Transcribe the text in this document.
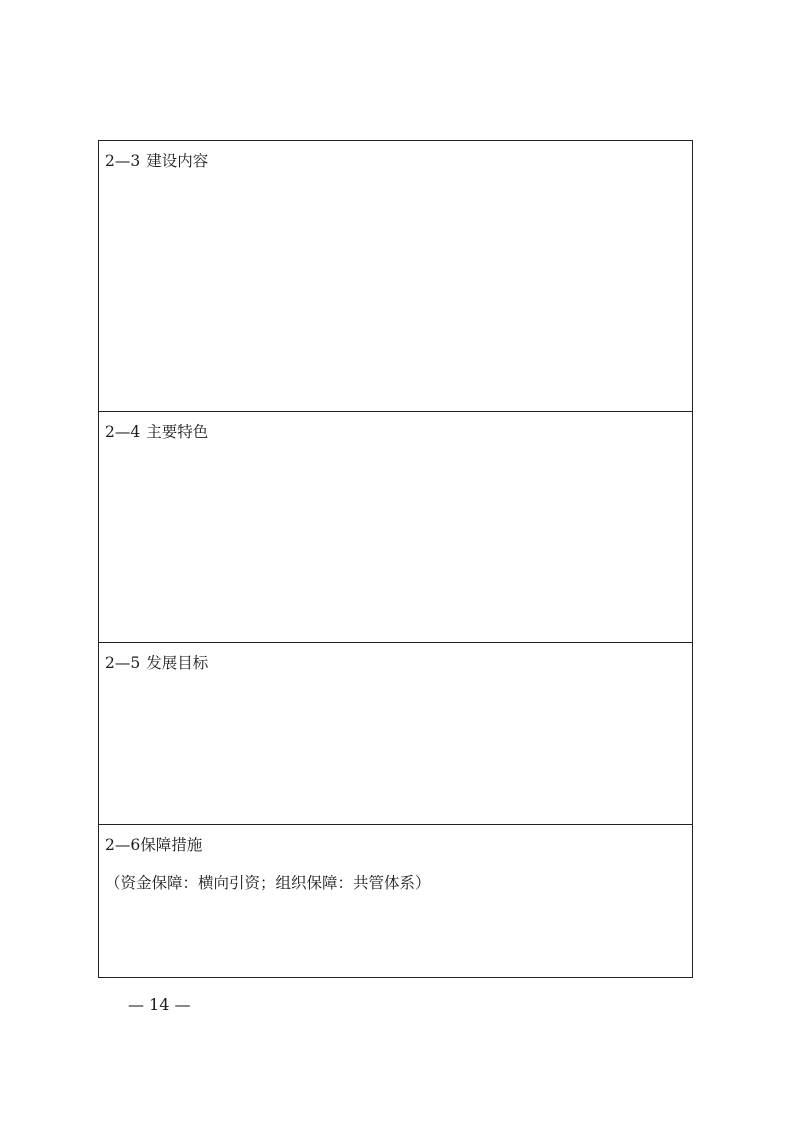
2—3 建设内容
2—4 主要特色
2—5 发展目标
2—6保障措施
（资金保障：横向引资；组织保障：共管体系）
— 14 —
